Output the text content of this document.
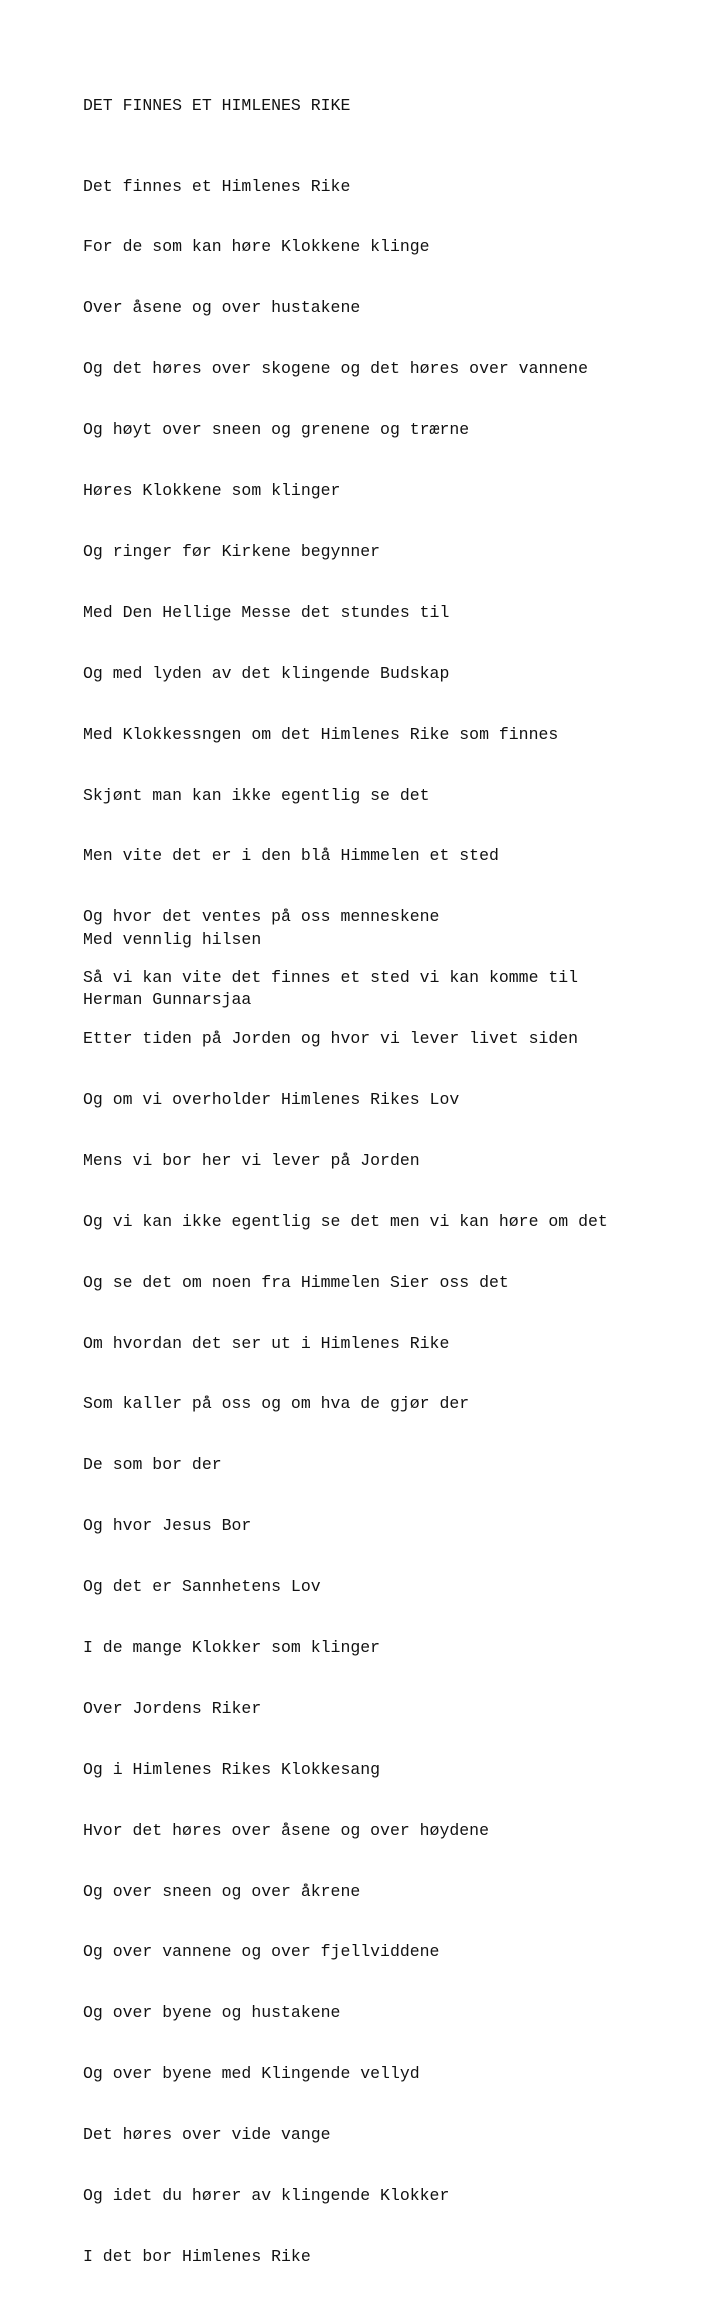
DET FINNES ET HIMLENES RIKE

Det finnes et Himlenes Rike

For de som kan høre Klokkene klinge

Over åsene og over hustakene

Og det høres over skogene og det høres over vannene

Og høyt over sneen og grenene og trærne

Høres Klokkene som klinger

Og ringer før Kirkene begynner

Med Den Hellige Messe det stundes til

Og med lyden av det klingende Budskap

Med Klokkessngen om det Himlenes Rike som finnes

Skjønt man kan ikke egentlig se det

Men vite det er i den blå Himmelen et sted

Og hvor det ventes på oss menneskene

Så vi kan vite det finnes et sted vi kan komme til

Etter tiden på Jorden og hvor vi lever livet siden

Og om vi overholder Himlenes Rikes Lov

Mens vi bor her vi lever på Jorden

Og vi kan ikke egentlig se det men vi kan høre om det

Og se det om noen fra Himmelen Sier oss det

Om hvordan det ser ut i Himlenes Rike

Som kaller på oss og om hva de gjør der

De som bor der

Og hvor Jesus Bor

Og det er Sannhetens Lov

I de mange Klokker som klinger

Over Jordens Riker

Og i Himlenes Rikes Klokkesang

Hvor det høres over åsene og over høydene

Og over sneen og over åkrene

Og over vannene og over fjellviddene

Og over byene og hustakene

Og over byene med Klingende vellyd

Det høres over vide vange

Og idet du hører av klingende Klokker

I det bor Himlenes Rike

Med vennlig hilsen

Herman Gunnarsjaa
